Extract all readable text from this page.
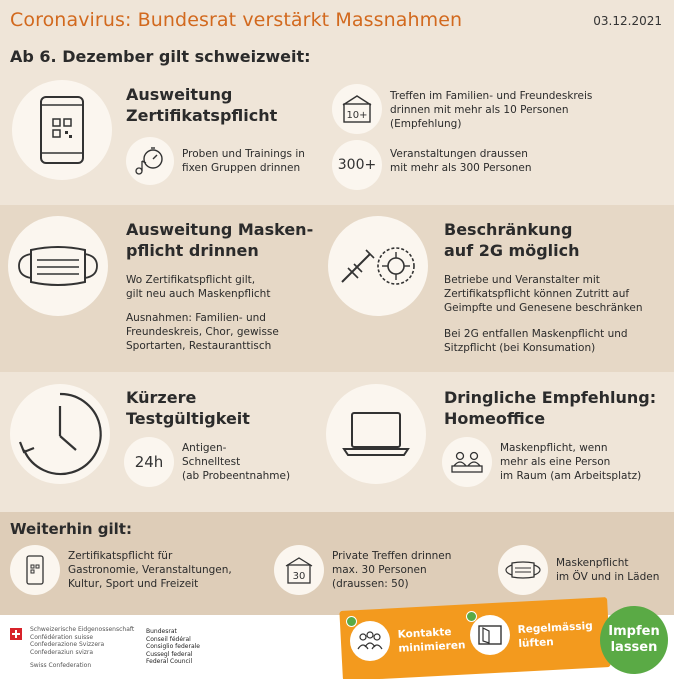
Coronavirus: Bundesrat verstärkt Massnahmen	03.12.2021
Ab 6. Dezember gilt schweizweit:
Ausweitung
Zertifikatspflicht
Proben und Trainings in
fixen Gruppen drinnen
10+
Treffen im Familien- und Freundeskreis
drinnen mit mehr als 10 Personen
(Empfehlung)
300+
Veranstaltungen draussen
mit mehr als 300 Personen
Ausweitung Masken-
pflicht drinnen
Wo Zertifikatspflicht gilt,
gilt neu auch Maskenpflicht
Ausnahmen: Familien- und
Freundeskreis, Chor, gewisse
Sportarten, Restauranttisch
Beschränkung
auf 2G möglich
Betriebe und Veranstalter mit
Zertifikatspflicht können Zutritt auf
Geimpfte und Genesene beschränken
Bei 2G entfallen Maskenpflicht und
Sitzpflicht (bei Konsumation)
Kürzere
Testgültigkeit
24h
Antigen-
Schnelltest
(ab Probeentnahme)
Dringliche Empfehlung:
Homeoffice
Maskenpflicht, wenn
mehr als eine Person
im Raum (am Arbeitsplatz)
Weiterhin gilt:
Zertifikatspflicht für
Gastronomie, Veranstaltungen,
Kultur, Sport und Freizeit
30
Private Treffen drinnen
max. 30 Personen
(draussen: 50)
Maskenpflicht
im ÖV und in Läden
Schweizerische Eidgenossenschaft
Confédération suisse
Confederazione Svizzera
Confederaziun svizra
Swiss Confederation
Bundesrat
Conseil fédéral
Consiglio federale
Cussegl federal
Federal Council
Kontakte
minimieren
Regelmässig
lüften
Impfen
lassen
